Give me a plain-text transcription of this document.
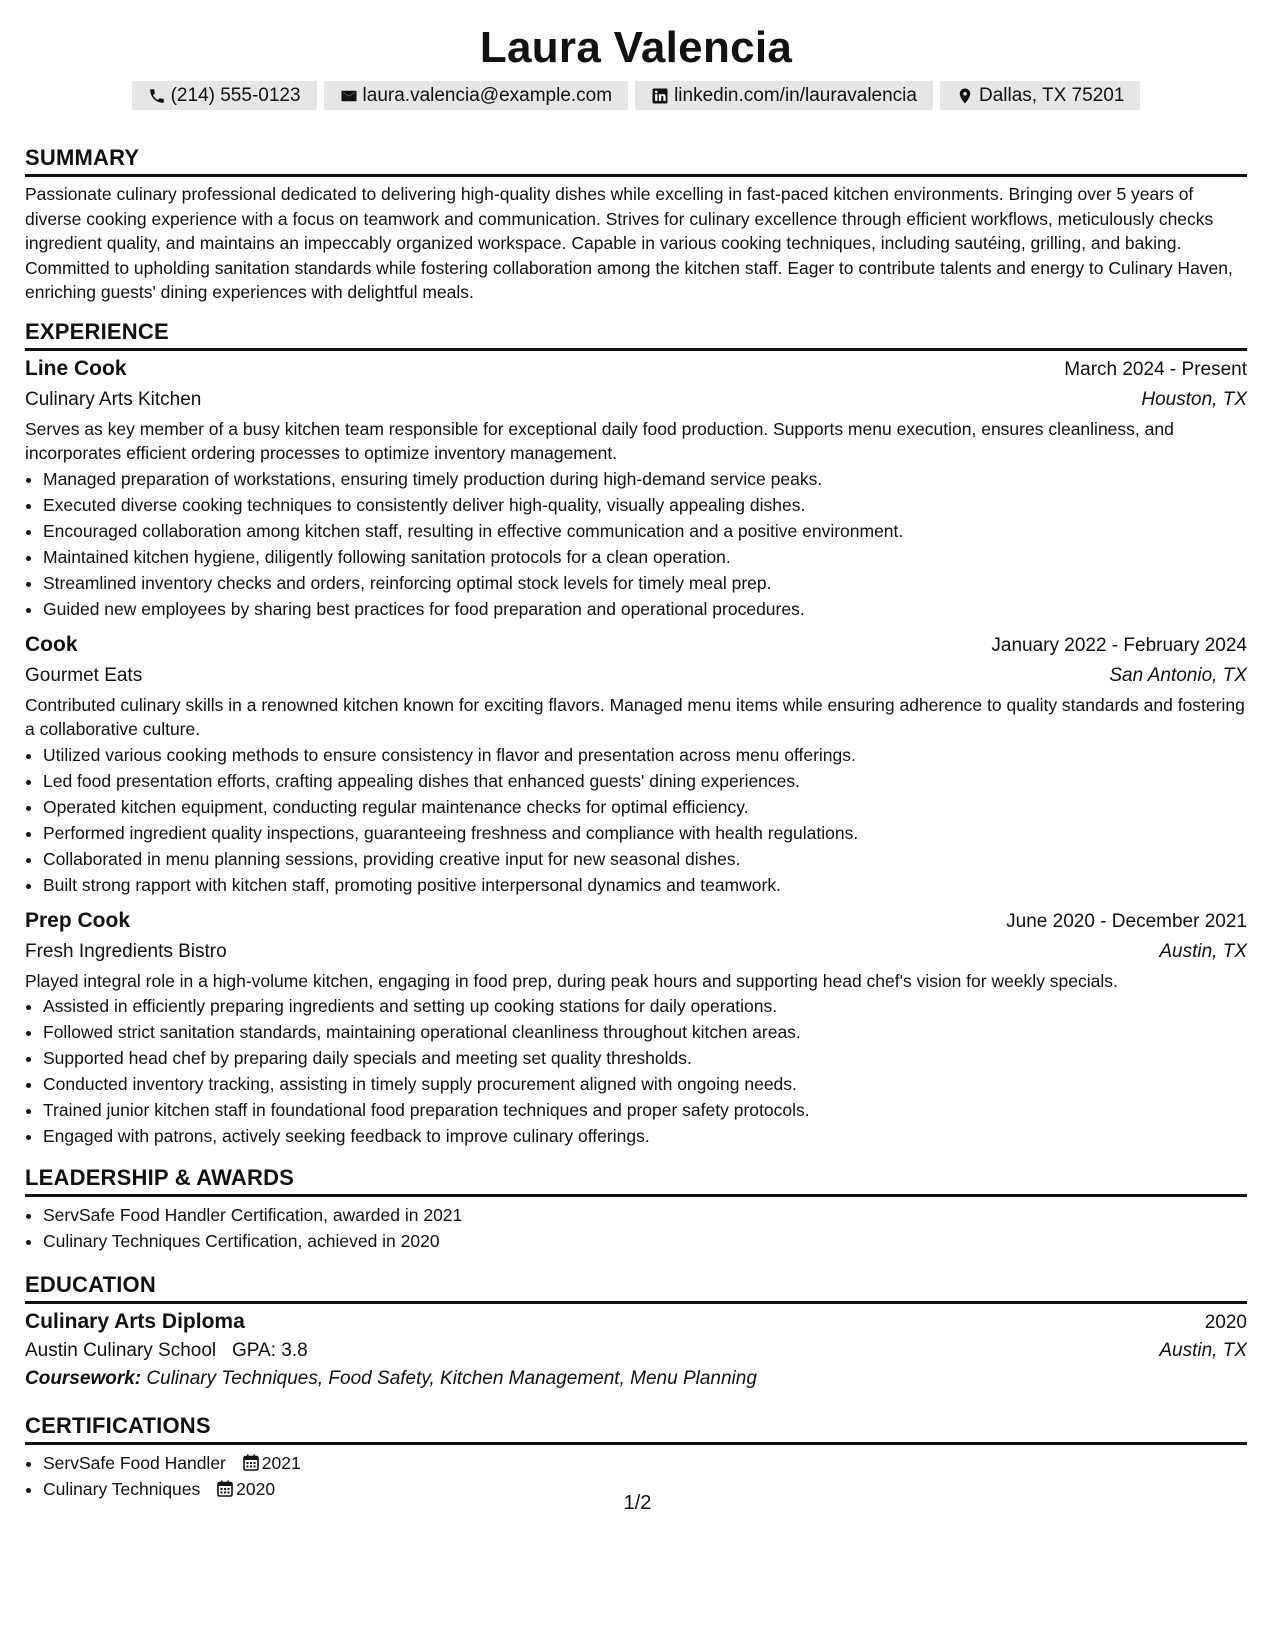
Laura Valencia
(214) 555-0123	laura.valencia@example.com	linkedin.com/in/lauravalencia	Dallas, TX 75201
SUMMARY

Passionate culinary professional dedicated to delivering high-quality dishes while excelling in fast-paced kitchen environments. Bringing over 5 years of diverse cooking experience with a focus on teamwork and communication. Strives for culinary excellence through efficient workflows, meticulously checks ingredient quality, and maintains an impeccably organized workspace. Capable in various cooking techniques, including sautéing, grilling, and baking. Committed to upholding sanitation standards while fostering collaboration among the kitchen staff. Eager to contribute talents and energy to Culinary Haven, enriching guests' dining experiences with delightful meals.

EXPERIENCE
Line Cook	March 2024 - Present
Culinary Arts Kitchen	Houston, TX

Serves as key member of a busy kitchen team responsible for exceptional daily food production. Supports menu execution, ensures cleanliness, and incorporates efficient ordering processes to optimize inventory management.

• Managed preparation of workstations, ensuring timely production during high-demand service peaks.
• Executed diverse cooking techniques to consistently deliver high-quality, visually appealing dishes.
• Encouraged collaboration among kitchen staff, resulting in effective communication and a positive environment.
• Maintained kitchen hygiene, diligently following sanitation protocols for a clean operation.
• Streamlined inventory checks and orders, reinforcing optimal stock levels for timely meal prep.
• Guided new employees by sharing best practices for food preparation and operational procedures.
Cook	January 2022 - February 2024
Gourmet Eats	San Antonio, TX

Contributed culinary skills in a renowned kitchen known for exciting flavors. Managed menu items while ensuring adherence to quality standards and fostering a collaborative culture.

• Utilized various cooking methods to ensure consistency in flavor and presentation across menu offerings.
• Led food presentation efforts, crafting appealing dishes that enhanced guests' dining experiences.
• Operated kitchen equipment, conducting regular maintenance checks for optimal efficiency.
• Performed ingredient quality inspections, guaranteeing freshness and compliance with health regulations.
• Collaborated in menu planning sessions, providing creative input for new seasonal dishes.
• Built strong rapport with kitchen staff, promoting positive interpersonal dynamics and teamwork.
Prep Cook	June 2020 - December 2021
Fresh Ingredients Bistro	Austin, TX

Played integral role in a high-volume kitchen, engaging in food prep, during peak hours and supporting head chef's vision for weekly specials.

• Assisted in efficiently preparing ingredients and setting up cooking stations for daily operations.
• Followed strict sanitation standards, maintaining operational cleanliness throughout kitchen areas.
• Supported head chef by preparing daily specials and meeting set quality thresholds.
• Conducted inventory tracking, assisting in timely supply procurement aligned with ongoing needs.
• Trained junior kitchen staff in foundational food preparation techniques and proper safety protocols.
• Engaged with patrons, actively seeking feedback to improve culinary offerings.
LEADERSHIP & AWARDS
• ServSafe Food Handler Certification, awarded in 2021
• Culinary Techniques Certification, achieved in 2020
EDUCATION
Culinary Arts Diploma	2020
Austin Culinary School GPA: 3.8	Austin, TX
Coursework: Culinary Techniques, Food Safety, Kitchen Management, Menu Planning
CERTIFICATIONS
• ServSafe Food Handler 2021
• Culinary Techniques 2020
1/2
